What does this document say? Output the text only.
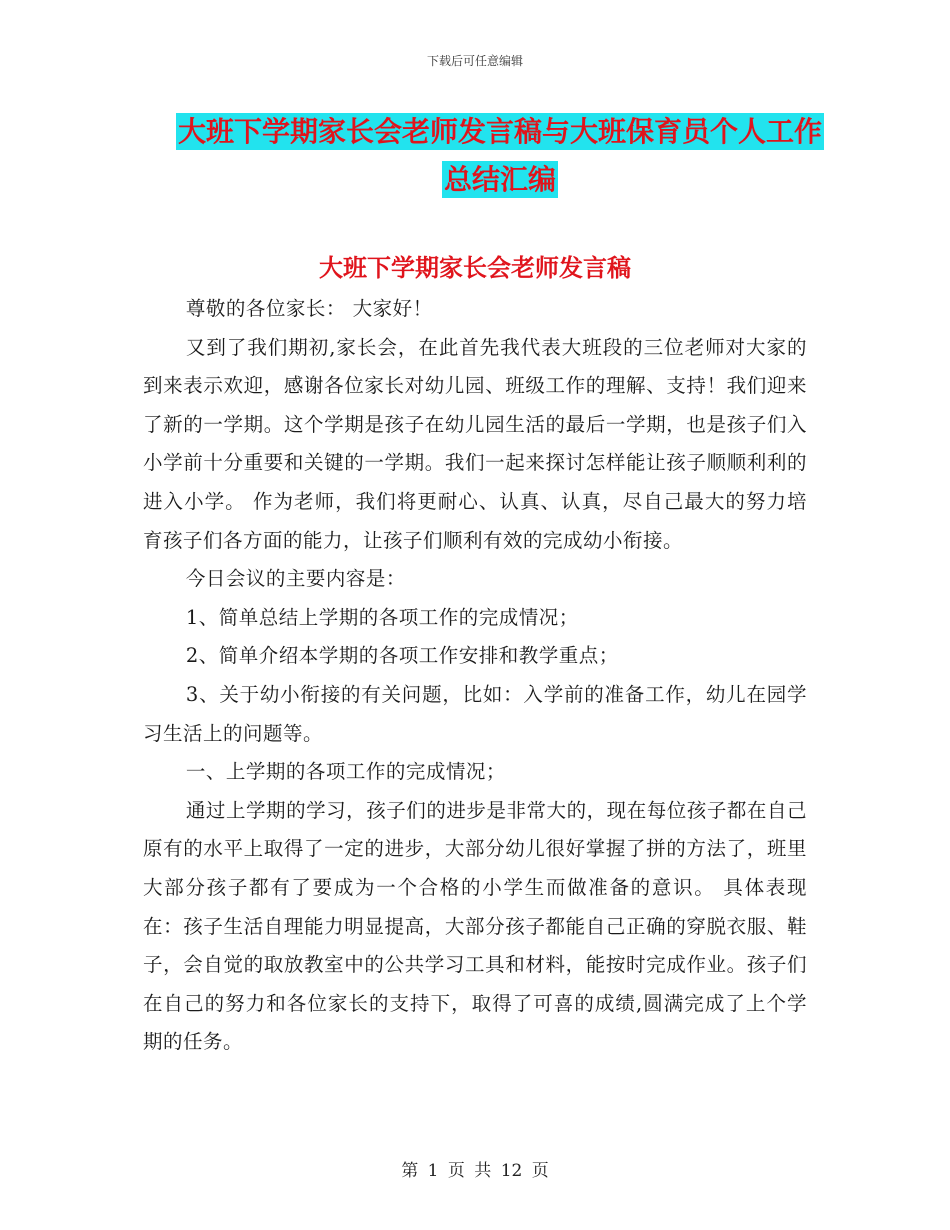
下载后可任意编辑
大班下学期家长会老师发言稿与大班保育员个人工作
总结汇编
大班下学期家长会老师发言稿

尊敬的各位家长： 大家好！

又到了我们期初,家长会，在此首先我代表大班段的三位老师对大家的到来表示欢迎，感谢各位家长对幼儿园、班级工作的理解、支持！我们迎来了新的一学期。这个学期是孩子在幼儿园生活的最后一学期，也是孩子们入小学前十分重要和关键的一学期。我们一起来探讨怎样能让孩子顺顺利利的进入小学。 作为老师，我们将更耐心、认真、认真，尽自己最大的努力培育孩子们各方面的能力，让孩子们顺利有效的完成幼小衔接。

今日会议的主要内容是：

1、简单总结上学期的各项工作的完成情况；

2、简单介绍本学期的各项工作安排和教学重点；

3、关于幼小衔接的有关问题，比如：入学前的准备工作，幼儿在园学习生活上的问题等。

一、上学期的各项工作的完成情况；

通过上学期的学习，孩子们的进步是非常大的，现在每位孩子都在自己原有的水平上取得了一定的进步，大部分幼儿很好掌握了拼的方法了，班里大部分孩子都有了要成为一个合格的小学生而做准备的意识。 具体表现在：孩子生活自理能力明显提高，大部分孩子都能自己正确的穿脱衣服、鞋子，会自觉的取放教室中的公共学习工具和材料，能按时完成作业。孩子们在自己的努力和各位家长的支持下，取得了可喜的成绩,圆满完成了上个学期的任务。

第 1 页 共 12 页
